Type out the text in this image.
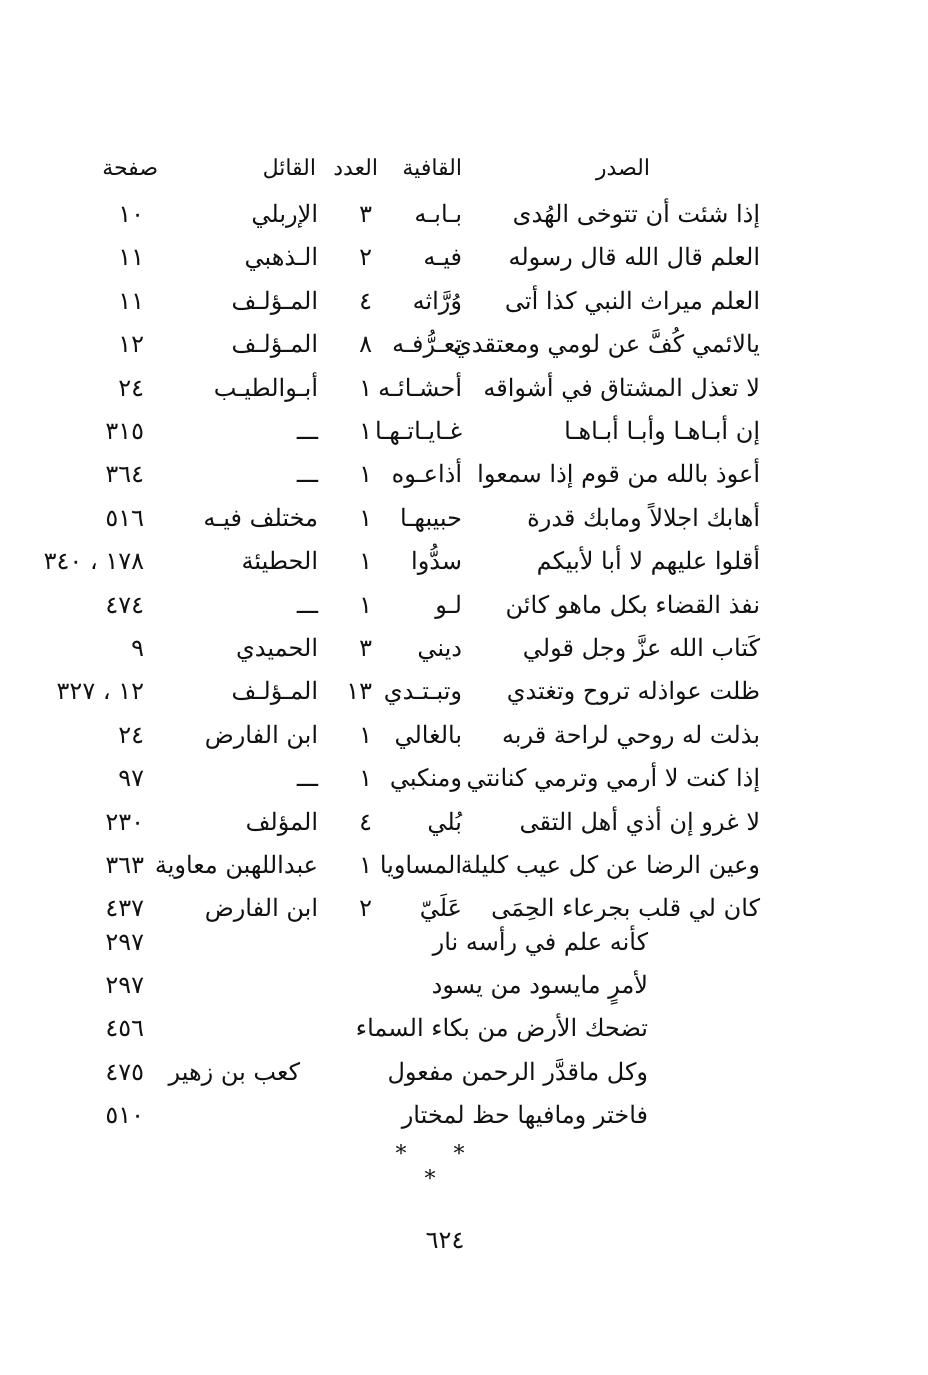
الصدر
القافية
العدد
القائل
صفحة
إذا شئت أن تتوخى الهُدى
بـابـه
٣
الإربلي
١٠
العلم قال الله قال رسوله
فيـه
٢
الـذهبي
١١
العلم ميراث النبي كذا أتى
وُرَّاثه
٤
المـؤلـف
١١
يالائمي كُفَّ عن لومي ومعتقدي
تعـرُّفـه
٨
المـؤلـف
١٢
لا تعذل المشتاق في أشواقه
أحشـائـه
١
أبـوالطيـب
٢٤
إن أبـاهـا وأبـا أبـاهـا
غـايـاتـهـا
١
ـــ
٣١٥
أعوذ بالله من قوم إذا سمعوا
أذاعـوه
١
ـــ
٣٦٤
أهابك اجلالاً ومابك قدرة
حبيبهـا
١
مختلف فيـه
٥١٦
أقلوا عليهم لا أبا لأبيكم
سدُّوا
١
الحطيئة
١٧٨ ، ٣٤٠
نفذ القضاء بكل ماهو كائن
لـو
١
ـــ
٤٧٤
كَتاب الله عزَّ وجل قولي
ديني
٣
الحميدي
٩
ظلت عواذله تروح وتغتدي
وتبـتـدي
١٣
المـؤلـف
١٢ ، ٣٢٧
بذلت له روحي لراحة قربه
بالغالي
١
ابن الفارض
٢٤
إذا كنت لا أرمي وترمي كنانتي
ومنكبي
١
ـــ
٩٧
لا غرو إن أذي أهل التقى
بُلي
٤
المؤلف
٢٣٠
وعين الرضا عن كل عيب كليلة
المساويا
١
عبداللهبن معاوية
٣٦٣
كان لي قلب بجرعاء الحِمَى
عَلَيّ
٢
ابن الفارض
٤٣٧
كأنه علم في رأسه نار
٢٩٧
لأمرٍ مايسود من يسود
٢٩٧
تضحك الأرض من بكاء السماء
٤٥٦
وكل ماقدَّر الرحمن مفعول
كعب بن زهير
٤٧٥
فاختر ومافيها حظ لمختار
٥١٠
* * *
٦٢٤
